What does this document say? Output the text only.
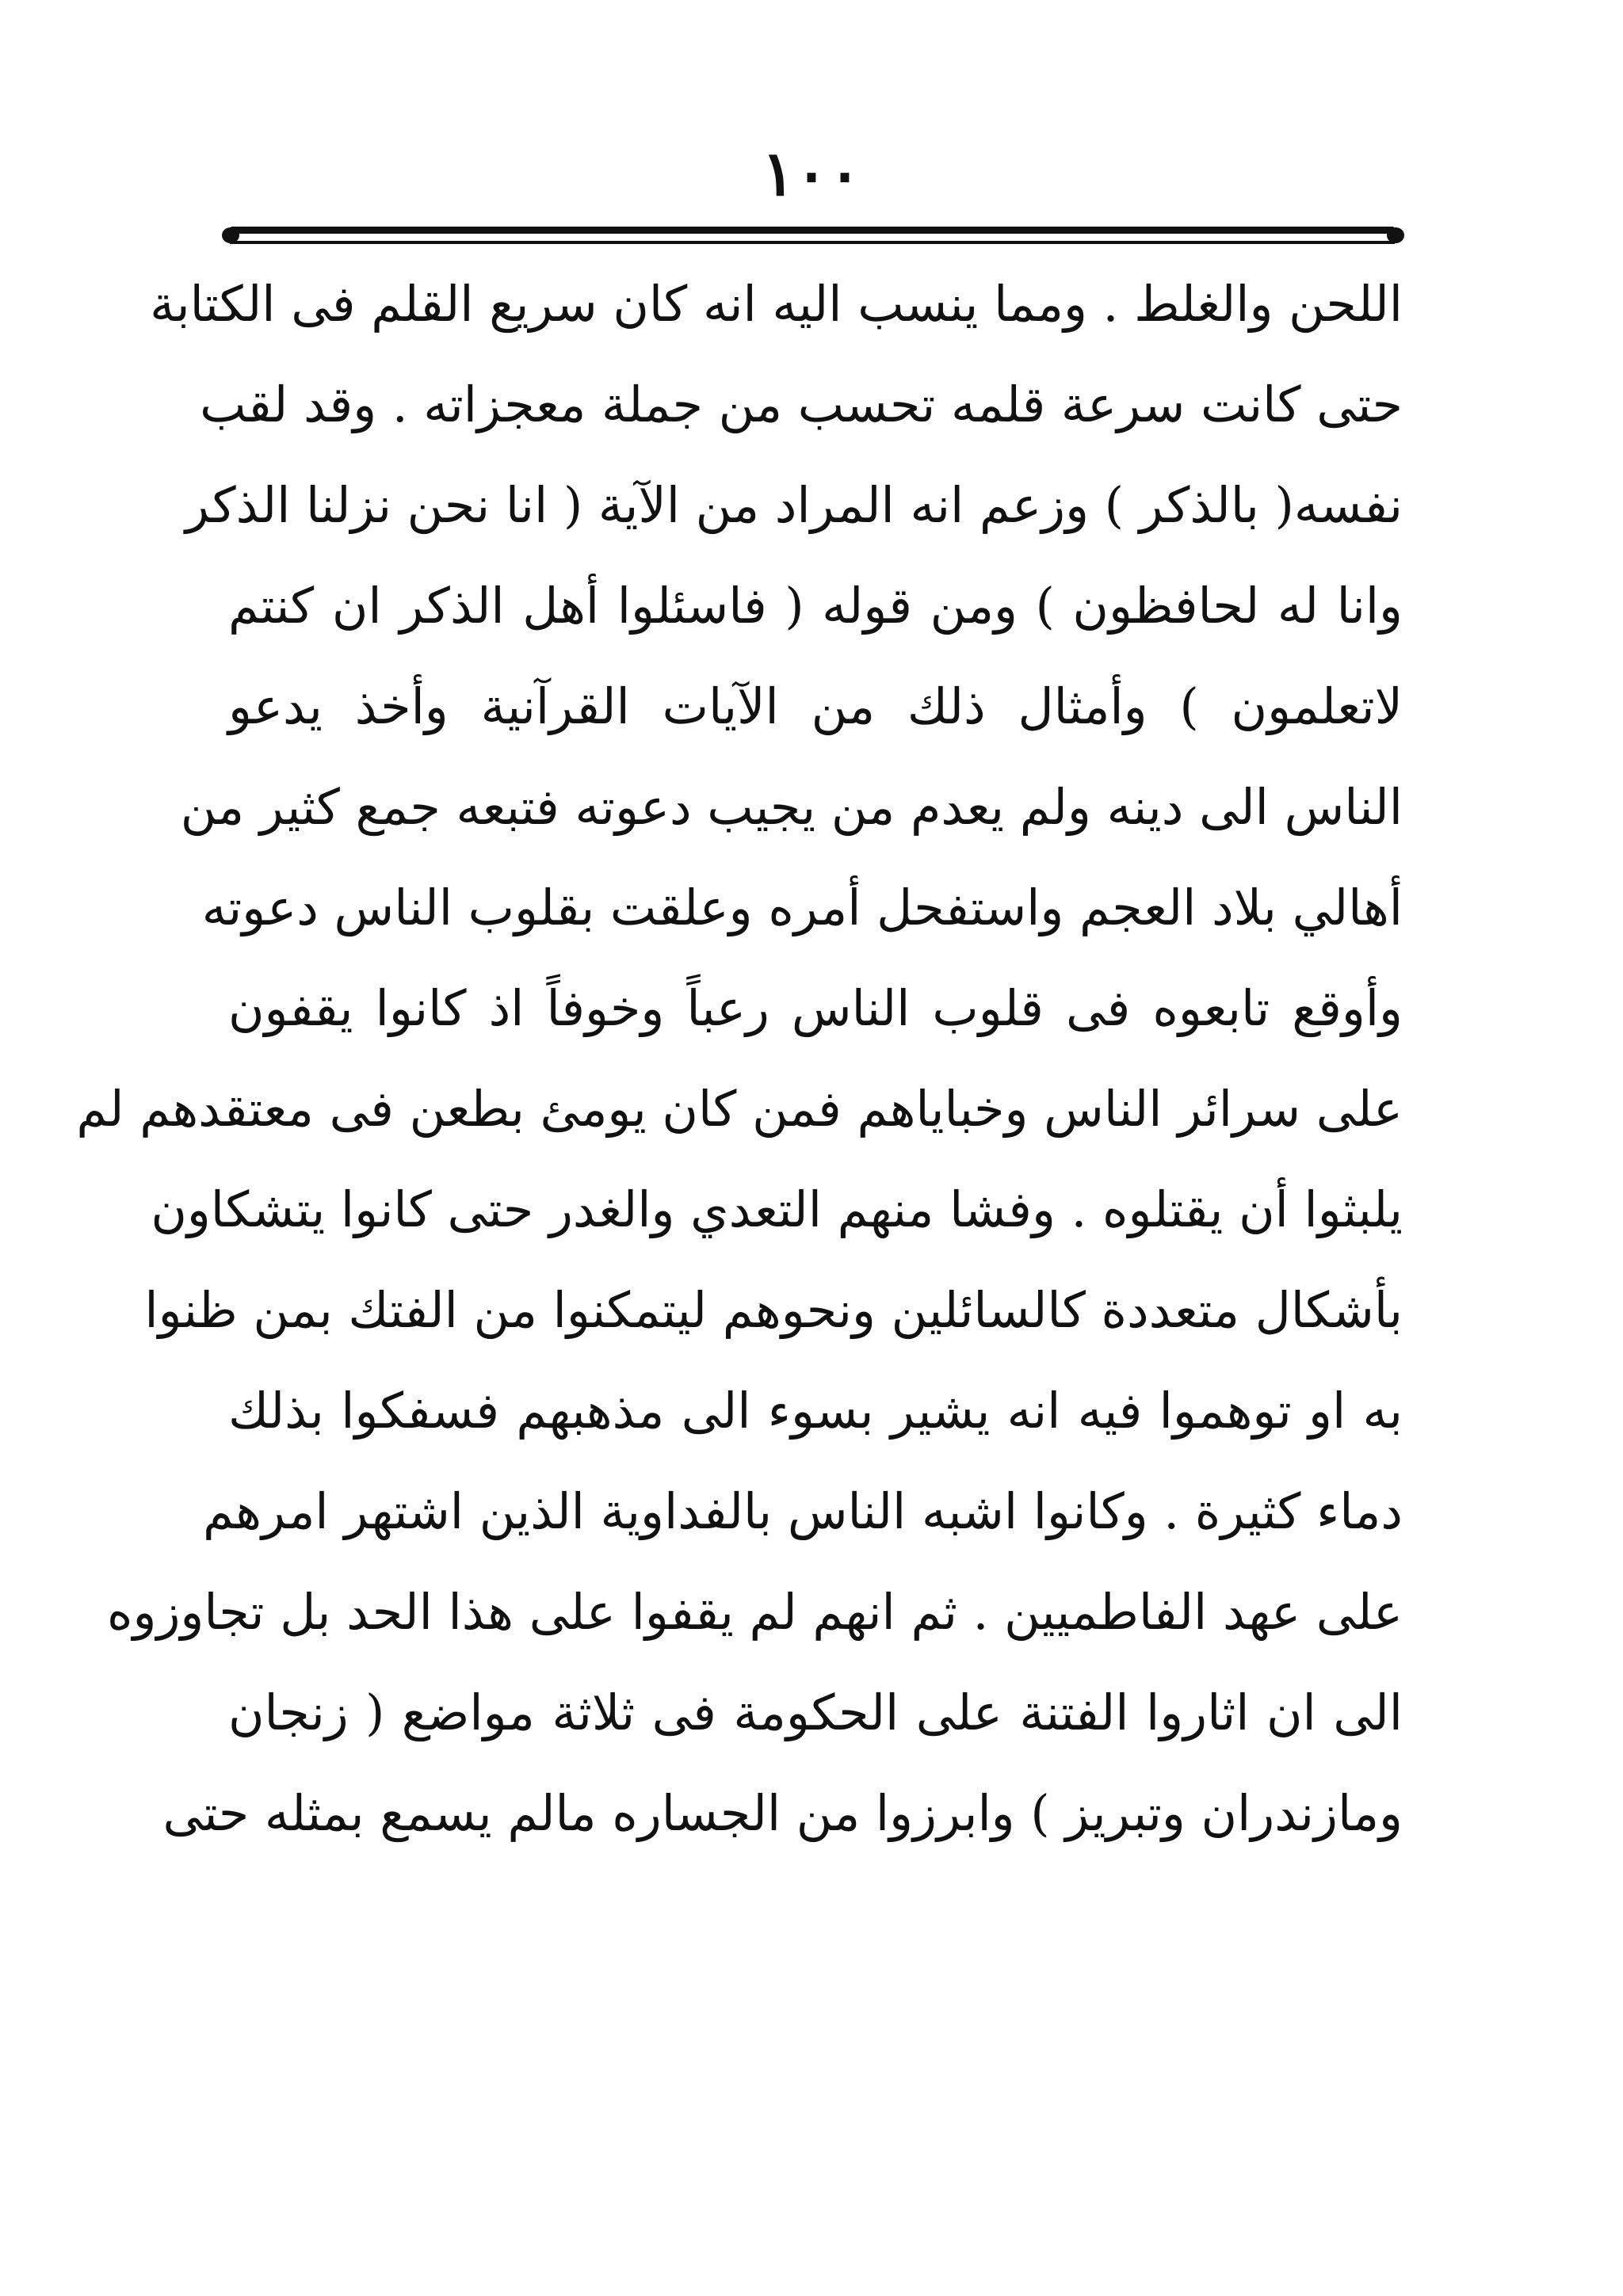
١٠٠
اللحن والغلط . ومما ينسب اليه انه كان سريع القلم فى الكتابة
حتى كانت سرعة قلمه تحسب من جملة معجزاته . وقد لقب
نفسه( بالذكر ) وزعم انه المراد من الآية ( انا نحن نزلنا الذكر
وانا له لحافظون ) ومن قوله ( فاسئلوا أهل الذكر ان كنتم
لاتعلمون ) وأمثال ذلك من الآيات القرآنية وأخذ يدعو
الناس الى دينه ولم يعدم من يجيب دعوته فتبعه جمع كثير من
أهالي بلاد العجم واستفحل أمره وعلقت بقلوب الناس دعوته
وأوقع تابعوه فى قلوب الناس رعباً وخوفاً اذ كانوا يقفون
على سرائر الناس وخباياهم فمن كان يومئ بطعن فى معتقدهم لم
يلبثوا أن يقتلوه . وفشا منهم التعدي والغدر حتى كانوا يتشكاون
بأشكال متعددة كالسائلين ونحوهم ليتمكنوا من الفتك بمن ظنوا
به او توهموا فيه انه يشير بسوء الى مذهبهم فسفكوا بذلك
دماء كثيرة . وكانوا اشبه الناس بالفداوية الذين اشتهر امرهم
على عهد الفاطميين . ثم انهم لم يقفوا على هذا الحد بل تجاوزوه
الى ان اثاروا الفتنة على الحكومة فى ثلاثة مواضع ( زنجان
ومازندران وتبريز ) وابرزوا من الجساره مالم يسمع بمثله حتى
